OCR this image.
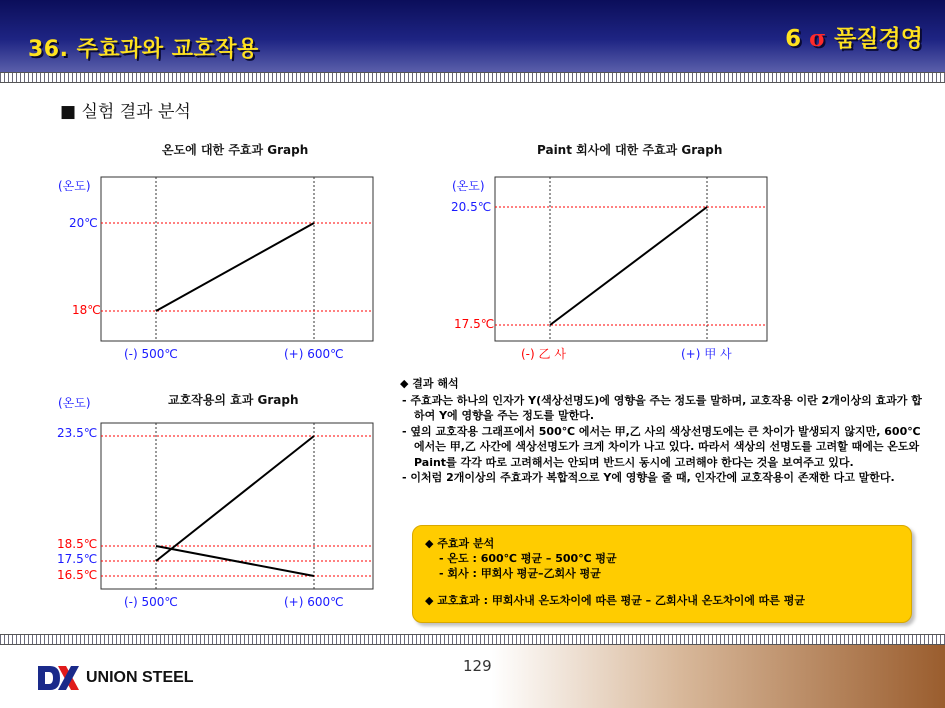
36. 주효과와 교호작용	6 σ 품질경영
■ 실험 결과 분석
온도에 대한 주효과 Graph	Paint 회사에 대한 주효과 Graph
교호작용의 효과 Graph
(온도)
20℃
18℃
(-) 500℃	(+) 600℃
(온도)
20.5℃
17.5℃
(-) 乙 사	(+) 甲 사
(온도)
23.5℃
18.5℃
17.5℃
16.5℃
(-) 500℃	(+) 600℃
◆ 결과 해석
- 주효과는 하나의 인자가 Y(색상선명도)에 영향을 주는 정도를 말하며, 교호작용 이란 2개이상의 효과가 합하여 Y에 영향을 주는 정도를 말한다.
- 옆의 교호작용 그래프에서 500℃ 에서는 甲,乙 사의 색상선명도에는 큰 차이가 발생되지 않지만, 600℃ 에서는 甲,乙 사간에 색상선명도가 크게 차이가 나고 있다. 따라서 색상의 선명도를 고려할 때에는 온도와 Paint를 각각 따로 고려해서는 안되며 반드시 동시에 고려해야 한다는 것을 보여주고 있다.
- 이처럼 2개이상의 주효과가 복합적으로 Y에 영향을 줄 때, 인자간에 교호작용이 존재한 다고 말한다.
◆ 주효과 분석
- 온도 : 600℃ 평균 – 500℃ 평균
- 회사 : 甲회사 평균–乙회사 평균
◆ 교호효과 : 甲회사내 온도차이에 따른 평균 – 乙회사내 온도차이에 따른 평균
UNION STEEL
129
